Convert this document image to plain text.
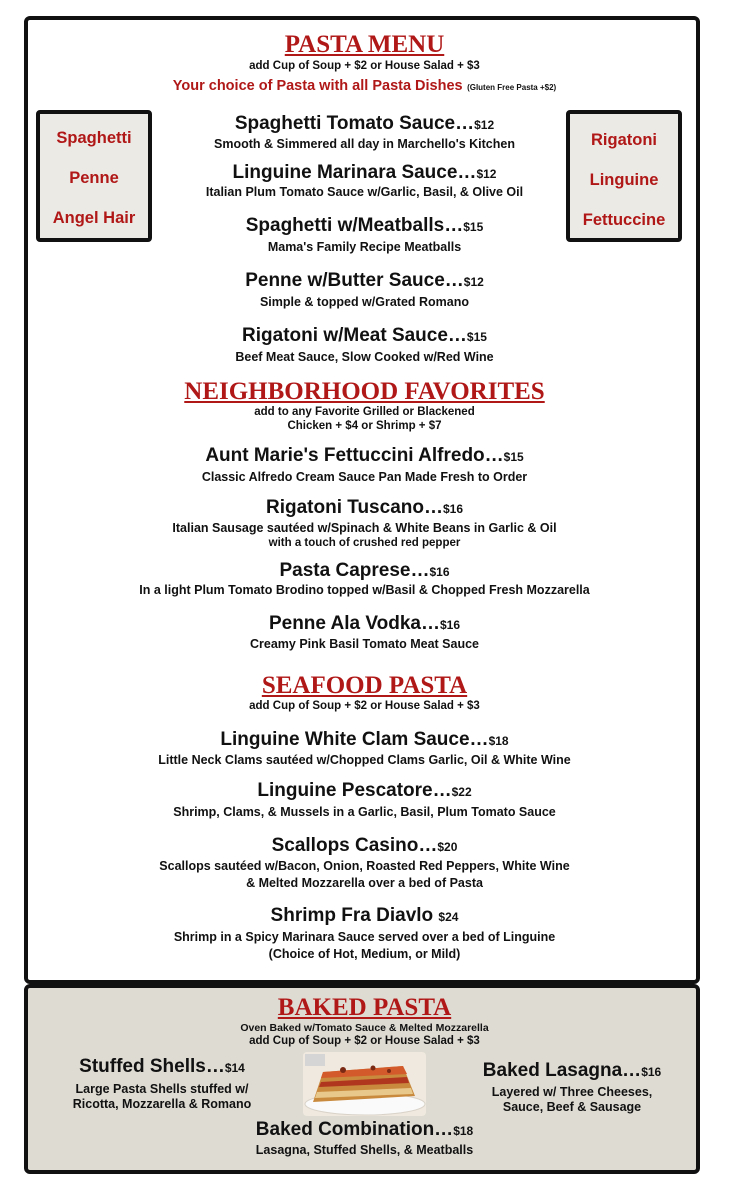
PASTA MENU
add Cup of Soup + $2 or House Salad + $3
Your choice of Pasta with all Pasta Dishes (Gluten Free Pasta +$2)
Spaghetti
Penne
Angel Hair
Rigatoni
Linguine
Fettuccine
Spaghetti Tomato Sauce…$12
Smooth & Simmered all day in Marchello's Kitchen
Linguine Marinara Sauce…$12
Italian Plum Tomato Sauce w/Garlic, Basil, & Olive Oil
Spaghetti w/Meatballs…$15
Mama's Family Recipe Meatballs
Penne w/Butter Sauce…$12
Simple & topped w/Grated Romano
Rigatoni w/Meat Sauce…$15
Beef Meat Sauce, Slow Cooked w/Red Wine
NEIGHBORHOOD FAVORITES
add to any Favorite Grilled or Blackened
Chicken + $4 or Shrimp + $7
Aunt Marie's Fettuccini Alfredo…$15
Classic Alfredo Cream Sauce Pan Made Fresh to Order
Rigatoni Tuscano…$16
Italian Sausage sautéed w/Spinach & White Beans in Garlic & Oil
with a touch of crushed red pepper
Pasta Caprese…$16
In a light Plum Tomato Brodino topped w/Basil & Chopped Fresh Mozzarella
Penne Ala Vodka…$16
Creamy Pink Basil Tomato Meat Sauce
SEAFOOD PASTA
add Cup of Soup + $2 or House Salad + $3
Linguine White Clam Sauce…$18
Little Neck Clams sautéed w/Chopped Clams Garlic, Oil & White Wine
Linguine Pescatore…$22
Shrimp, Clams, & Mussels in a Garlic, Basil, Plum Tomato Sauce
Scallops Casino…$20
Scallops sautéed w/Bacon, Onion, Roasted Red Peppers, White Wine
& Melted Mozzarella over a bed of Pasta
Shrimp Fra Diavlo $24
Shrimp in a Spicy Marinara Sauce served over a bed of Linguine
(Choice of Hot, Medium, or Mild)
BAKED PASTA
Oven Baked w/Tomato Sauce & Melted Mozzarella
add Cup of Soup + $2 or House Salad + $3
Stuffed Shells…$14
Large Pasta Shells stuffed w/
Ricotta, Mozzarella & Romano
Baked Lasagna…$16
Layered w/ Three Cheeses,
Sauce, Beef & Sausage
Baked Combination…$18
Lasagna, Stuffed Shells, & Meatballs
